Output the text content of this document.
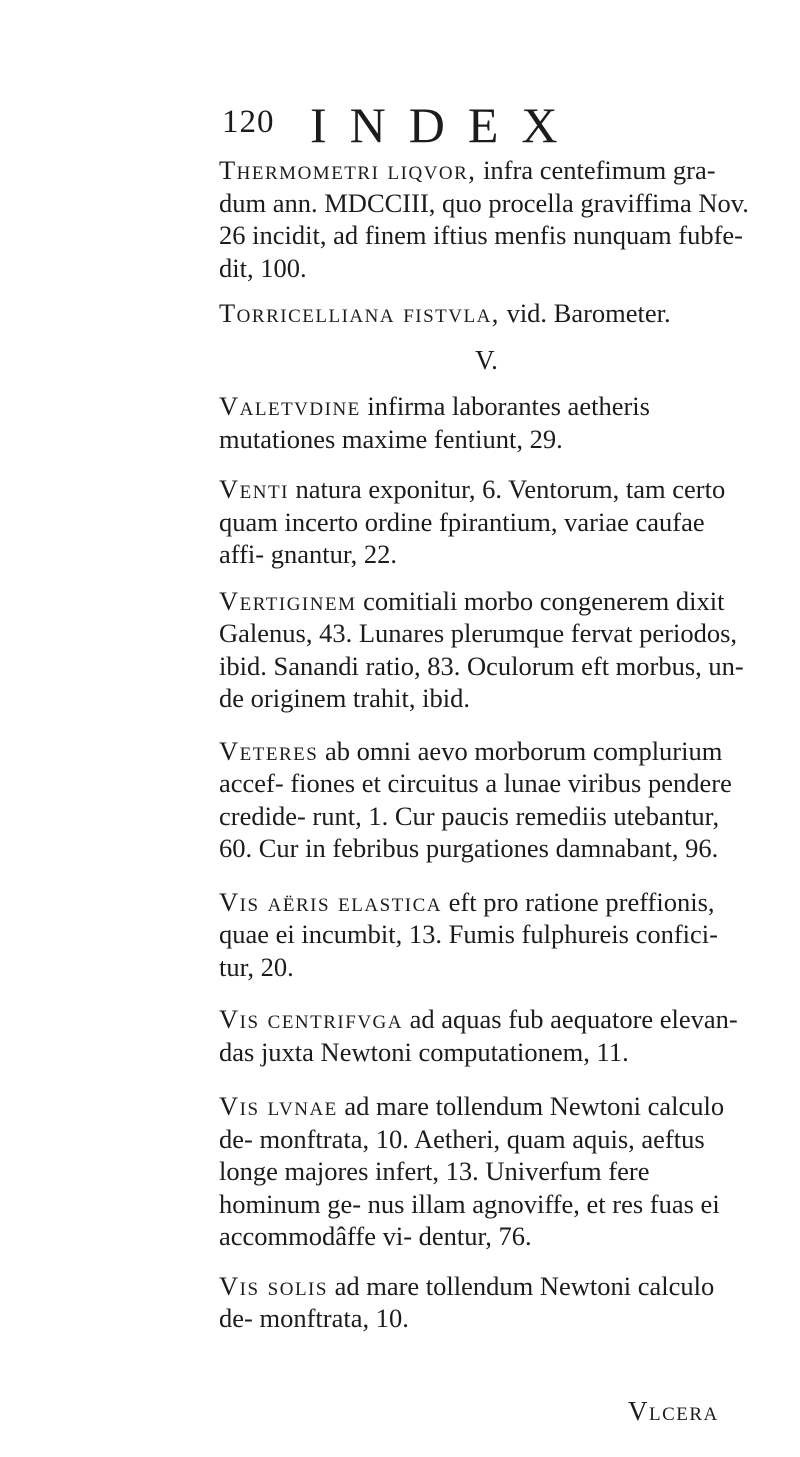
120 INDEX

Thermometri liqvor, infra centefimum gra- dum ann. MDCCIII, quo procella graviffima Nov. 26 incidit, ad finem iftius menfis nunquam fubfe- dit, 100.

Torricelliana fistvla, vid. Barometer.

V.

Valetvdine infirma laborantes aetheris mutationes maxime fentiunt, 29.

Venti natura exponitur, 6. Ventorum, tam certo quam incerto ordine fpirantium, variae caufae affi- gnantur, 22.

Vertiginem comitiali morbo congenerem dixit Galenus, 43. Lunares plerumque fervat periodos, ibid. Sanandi ratio, 83. Oculorum eft morbus, un- de originem trahit, ibid.

Veteres ab omni aevo morborum complurium accef- fiones et circuitus a lunae viribus pendere credide- runt, 1. Cur paucis remediis utebantur, 60. Cur in febribus purgationes damnabant, 96.

Vis aëris elastica eft pro ratione preffionis, quae ei incumbit, 13. Fumis fulphureis confici- tur, 20.

Vis centrifvga ad aquas fub aequatore elevan- das juxta Newtoni computationem, 11.

Vis lvnae ad mare tollendum Newtoni calculo de- monftrata, 10. Aetheri, quam aquis, aeftus longe majores infert, 13. Univerfum fere hominum ge- nus illam agnoviffe, et res fuas ei accommodâffe vi- dentur, 76.

Vis solis ad mare tollendum Newtoni calculo de- monftrata, 10.

Vlcera
